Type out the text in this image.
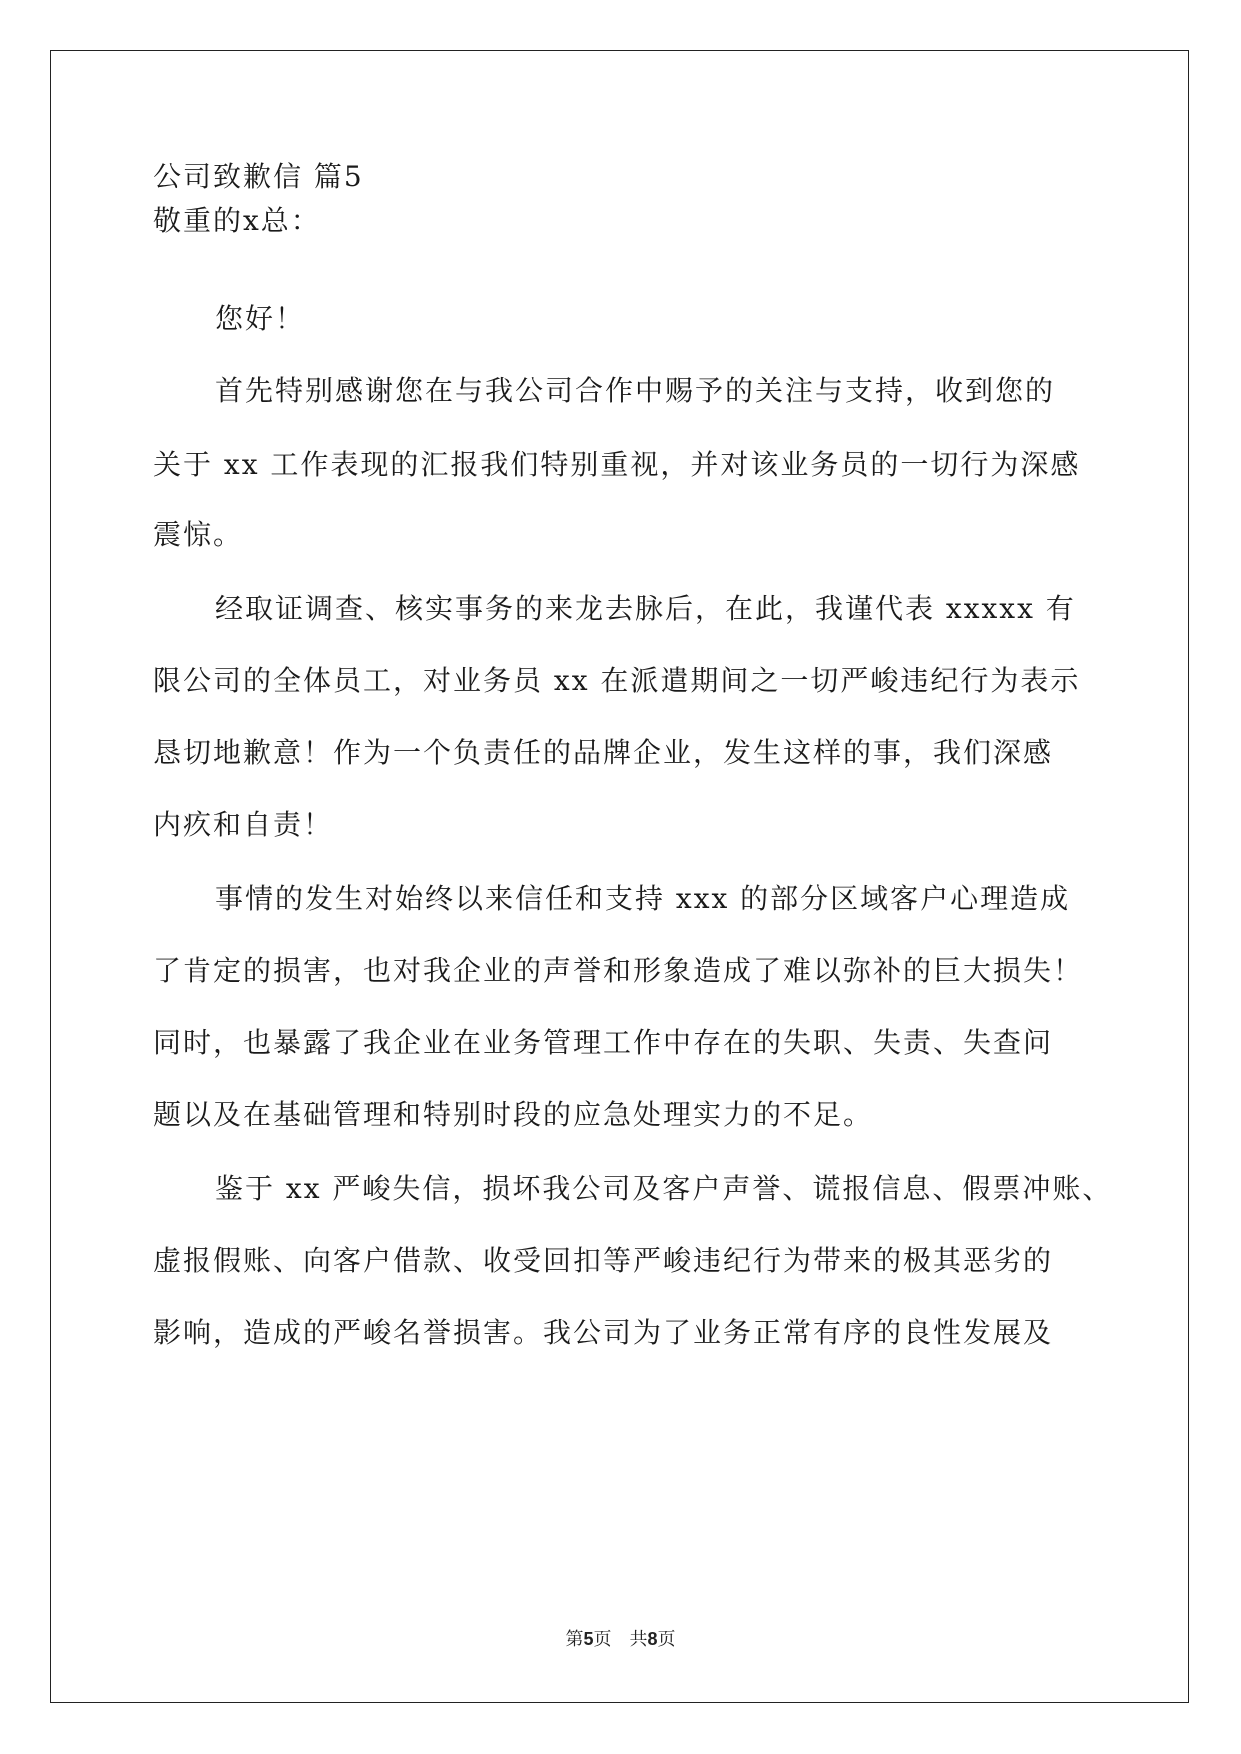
公司致歉信 篇5
敬重的x总：
您好！
首先特别感谢您在与我公司合作中赐予的关注与支持，收到您的
关于 xx 工作表现的汇报我们特别重视，并对该业务员的一切行为深感
震惊。
经取证调查、核实事务的来龙去脉后，在此，我谨代表 xxxxx 有
限公司的全体员工，对业务员 xx 在派遣期间之一切严峻违纪行为表示
恳切地歉意！作为一个负责任的品牌企业，发生这样的事，我们深感
内疚和自责！
事情的发生对始终以来信任和支持 xxx 的部分区域客户心理造成
了肯定的损害，也对我企业的声誉和形象造成了难以弥补的巨大损失！
同时，也暴露了我企业在业务管理工作中存在的失职、失责、失查问
题以及在基础管理和特别时段的应急处理实力的不足。
鉴于 xx 严峻失信，损坏我公司及客户声誉、谎报信息、假票冲账、
虚报假账、向客户借款、收受回扣等严峻违纪行为带来的极其恶劣的
影响，造成的严峻名誉损害。我公司为了业务正常有序的良性发展及
第5页　共8页
